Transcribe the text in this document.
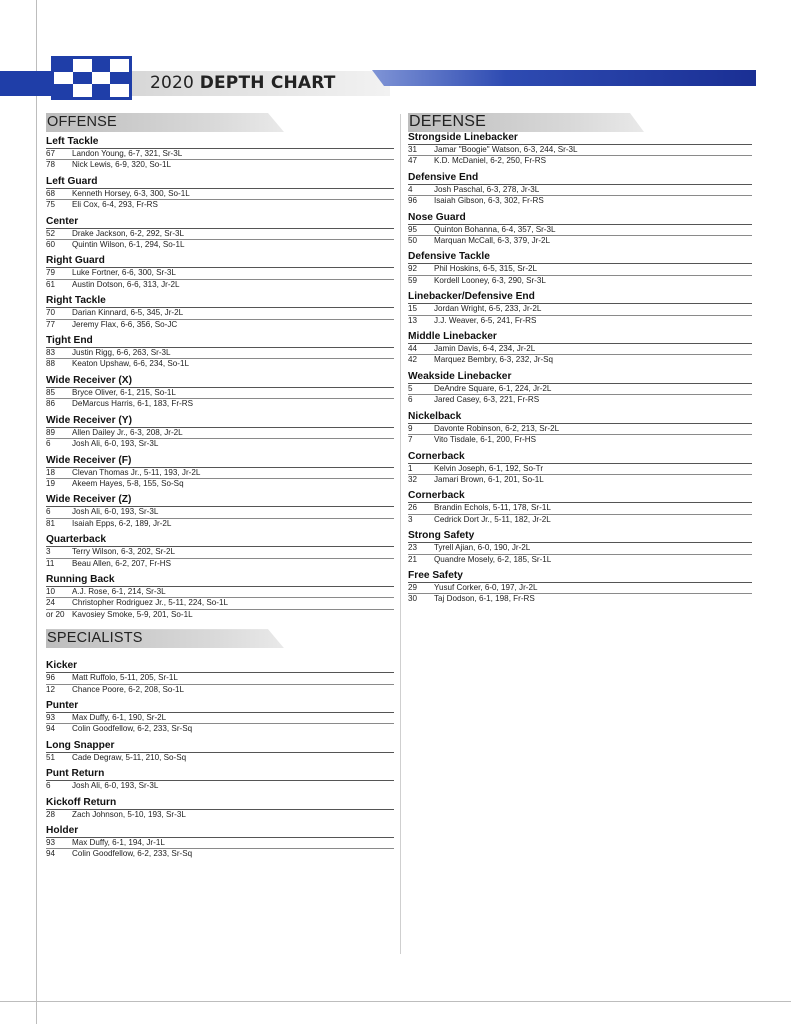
2020 DEPTH CHART
OFFENSE
Left Tackle
67	Landon Young, 6-7, 321, Sr-3L
78	Nick Lewis, 6-9, 320, So-1L
Left Guard
68	Kenneth Horsey, 6-3, 300, So-1L
75	Eli Cox, 6-4, 293, Fr-RS
Center
52	Drake Jackson, 6-2, 292, Sr-3L
60	Quintin Wilson, 6-1, 294, So-1L
Right Guard
79	Luke Fortner, 6-6, 300, Sr-3L
61	Austin Dotson, 6-6, 313, Jr-2L
Right Tackle
70	Darian Kinnard, 6-5, 345, Jr-2L
77	Jeremy Flax, 6-6, 356, So-JC
Tight End
83	Justin Rigg, 6-6, 263, Sr-3L
88	Keaton Upshaw, 6-6, 234, So-1L
Wide Receiver (X)
85	Bryce Oliver, 6-1, 215, So-1L
86	DeMarcus Harris, 6-1, 183, Fr-RS
Wide Receiver (Y)
89	Allen Dailey Jr., 6-3, 208, Jr-2L
6	Josh Ali, 6-0, 193, Sr-3L
Wide Receiver (F)
18	Clevan Thomas Jr., 5-11, 193, Jr-2L
19	Akeem Hayes, 5-8, 155, So-Sq
Wide Receiver (Z)
6	Josh Ali, 6-0, 193, Sr-3L
81	Isaiah Epps, 6-2, 189, Jr-2L
Quarterback
3	Terry Wilson, 6-3, 202, Sr-2L
11	Beau Allen, 6-2, 207, Fr-HS
Running Back
10	A.J. Rose, 6-1, 214, Sr-3L
24	Christopher Rodriguez Jr., 5-11, 224, So-1L
or 20 Kavosiey Smoke, 5-9, 201, So-1L
SPECIALISTS
Kicker
96	Matt Ruffolo, 5-11, 205, Sr-1L
12	Chance Poore, 6-2, 208, So-1L
Punter
93	Max Duffy, 6-1, 190, Sr-2L
94	Colin Goodfellow, 6-2, 233, Sr-Sq
Long Snapper
51	Cade Degraw, 5-11, 210, So-Sq
Punt Return
6	Josh Ali, 6-0, 193, Sr-3L
Kickoff Return
28	Zach Johnson, 5-10, 193, Sr-3L
Holder
93	Max Duffy, 6-1, 194, Jr-1L
94	Colin Goodfellow, 6-2, 233, Sr-Sq
DEFENSE
Strongside Linebacker
31	Jamar "Boogie" Watson, 6-3, 244, Sr-3L
47	K.D. McDaniel, 6-2, 250, Fr-RS
Defensive End
4	Josh Paschal, 6-3, 278, Jr-3L
96	Isaiah Gibson, 6-3, 302, Fr-RS
Nose Guard
95	Quinton Bohanna, 6-4, 357, Sr-3L
50	Marquan McCall, 6-3, 379, Jr-2L
Defensive Tackle
92	Phil Hoskins, 6-5, 315, Sr-2L
59	Kordell Looney, 6-3, 290, Sr-3L
Linebacker/Defensive End
15	Jordan Wright, 6-5, 233, Jr-2L
13	J.J. Weaver, 6-5, 241, Fr-RS
Middle Linebacker
44	Jamin Davis, 6-4, 234, Jr-2L
42	Marquez Bembry, 6-3, 232, Jr-Sq
Weakside Linebacker
5	DeAndre Square, 6-1, 224, Jr-2L
6	Jared Casey, 6-3, 221, Fr-RS
Nickelback
9	Davonte Robinson, 6-2, 213, Sr-2L
7	Vito Tisdale, 6-1, 200, Fr-HS
Cornerback
1	Kelvin Joseph, 6-1, 192, So-Tr
32	Jamari Brown, 6-1, 201, So-1L
Cornerback
26	Brandin Echols, 5-11, 178, Sr-1L
3	Cedrick Dort Jr., 5-11, 182, Jr-2L
Strong Safety
23	Tyrell Ajian, 6-0, 190, Jr-2L
21	Quandre Mosely, 6-2, 185, Sr-1L
Free Safety
29	Yusuf Corker, 6-0, 197, Jr-2L
30	Taj Dodson, 6-1, 198, Fr-RS
